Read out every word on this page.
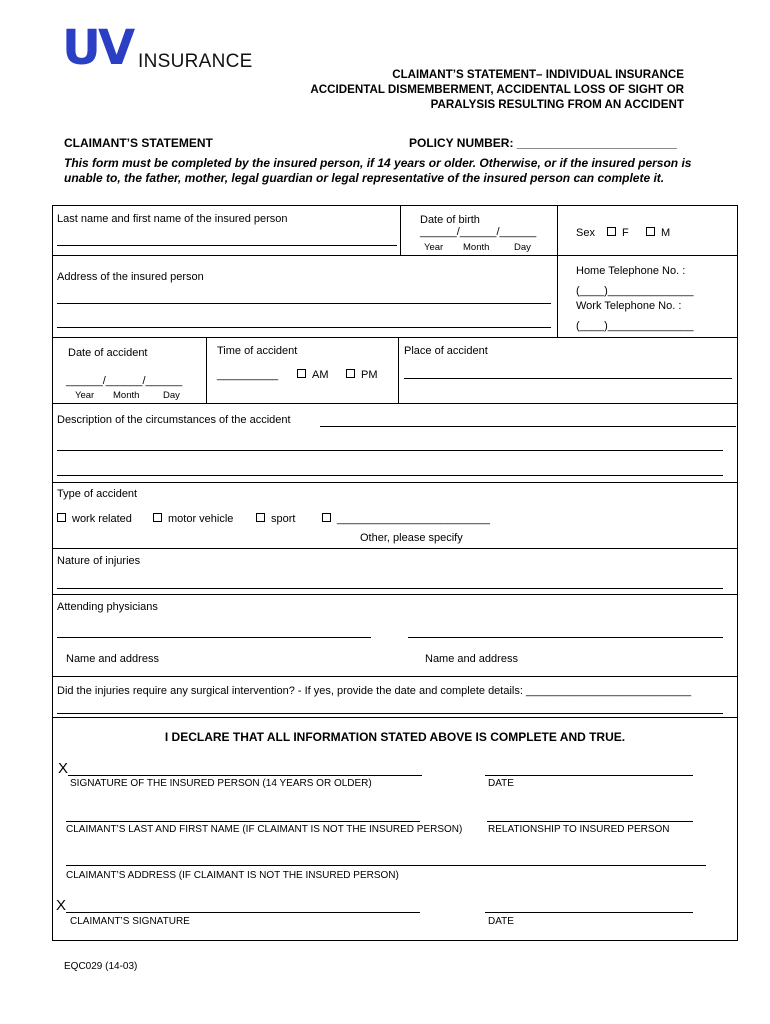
UV INSURANCE
CLAIMANT’S STATEMENT– INDIVIDUAL INSURANCE
ACCIDENTAL DISMEMBERMENT, ACCIDENTAL LOSS OF SIGHT OR
PARALYSIS RESULTING FROM AN ACCIDENT
CLAIMANT’S STATEMENT	POLICY NUMBER: ________________________
This form must be completed by the insured person, if 14 years or older. Otherwise, or if the insured person is unable to, the father, mother, legal guardian or legal representative of the insured person can complete it.
Last name and first name of the insured person	Date of birth
______/______/______
Year Month	Day
Sex	F	M
Address of the insured person	Home Telephone No. :
(____)______________
Work Telephone No. :
(____)______________
Date of accident
______/______/______
Year Month Day
Time of accident
__________	AM	PM
Place of accident
Description of the circumstances of the accident
Type of accident
work related	motor vehicle	sport	_________________________
Other, please specify
Nature of injuries
Attending physicians
Name and address	Name and address
Did the injuries require any surgical intervention? - If yes, provide the date and complete details: ___________________________
I DECLARE THAT ALL INFORMATION STATED ABOVE IS COMPLETE AND TRUE.
X
SIGNATURE OF THE INSURED PERSON (14 YEARS OR OLDER)	DATE
CLAIMANT’S LAST AND FIRST NAME (IF CLAIMANT IS NOT THE INSURED PERSON)	RELATIONSHIP TO INSURED PERSON
CLAIMANT’S ADDRESS (IF CLAIMANT IS NOT THE INSURED PERSON)
X
CLAIMANT’S SIGNATURE	DATE
EQC029 (14-03)
